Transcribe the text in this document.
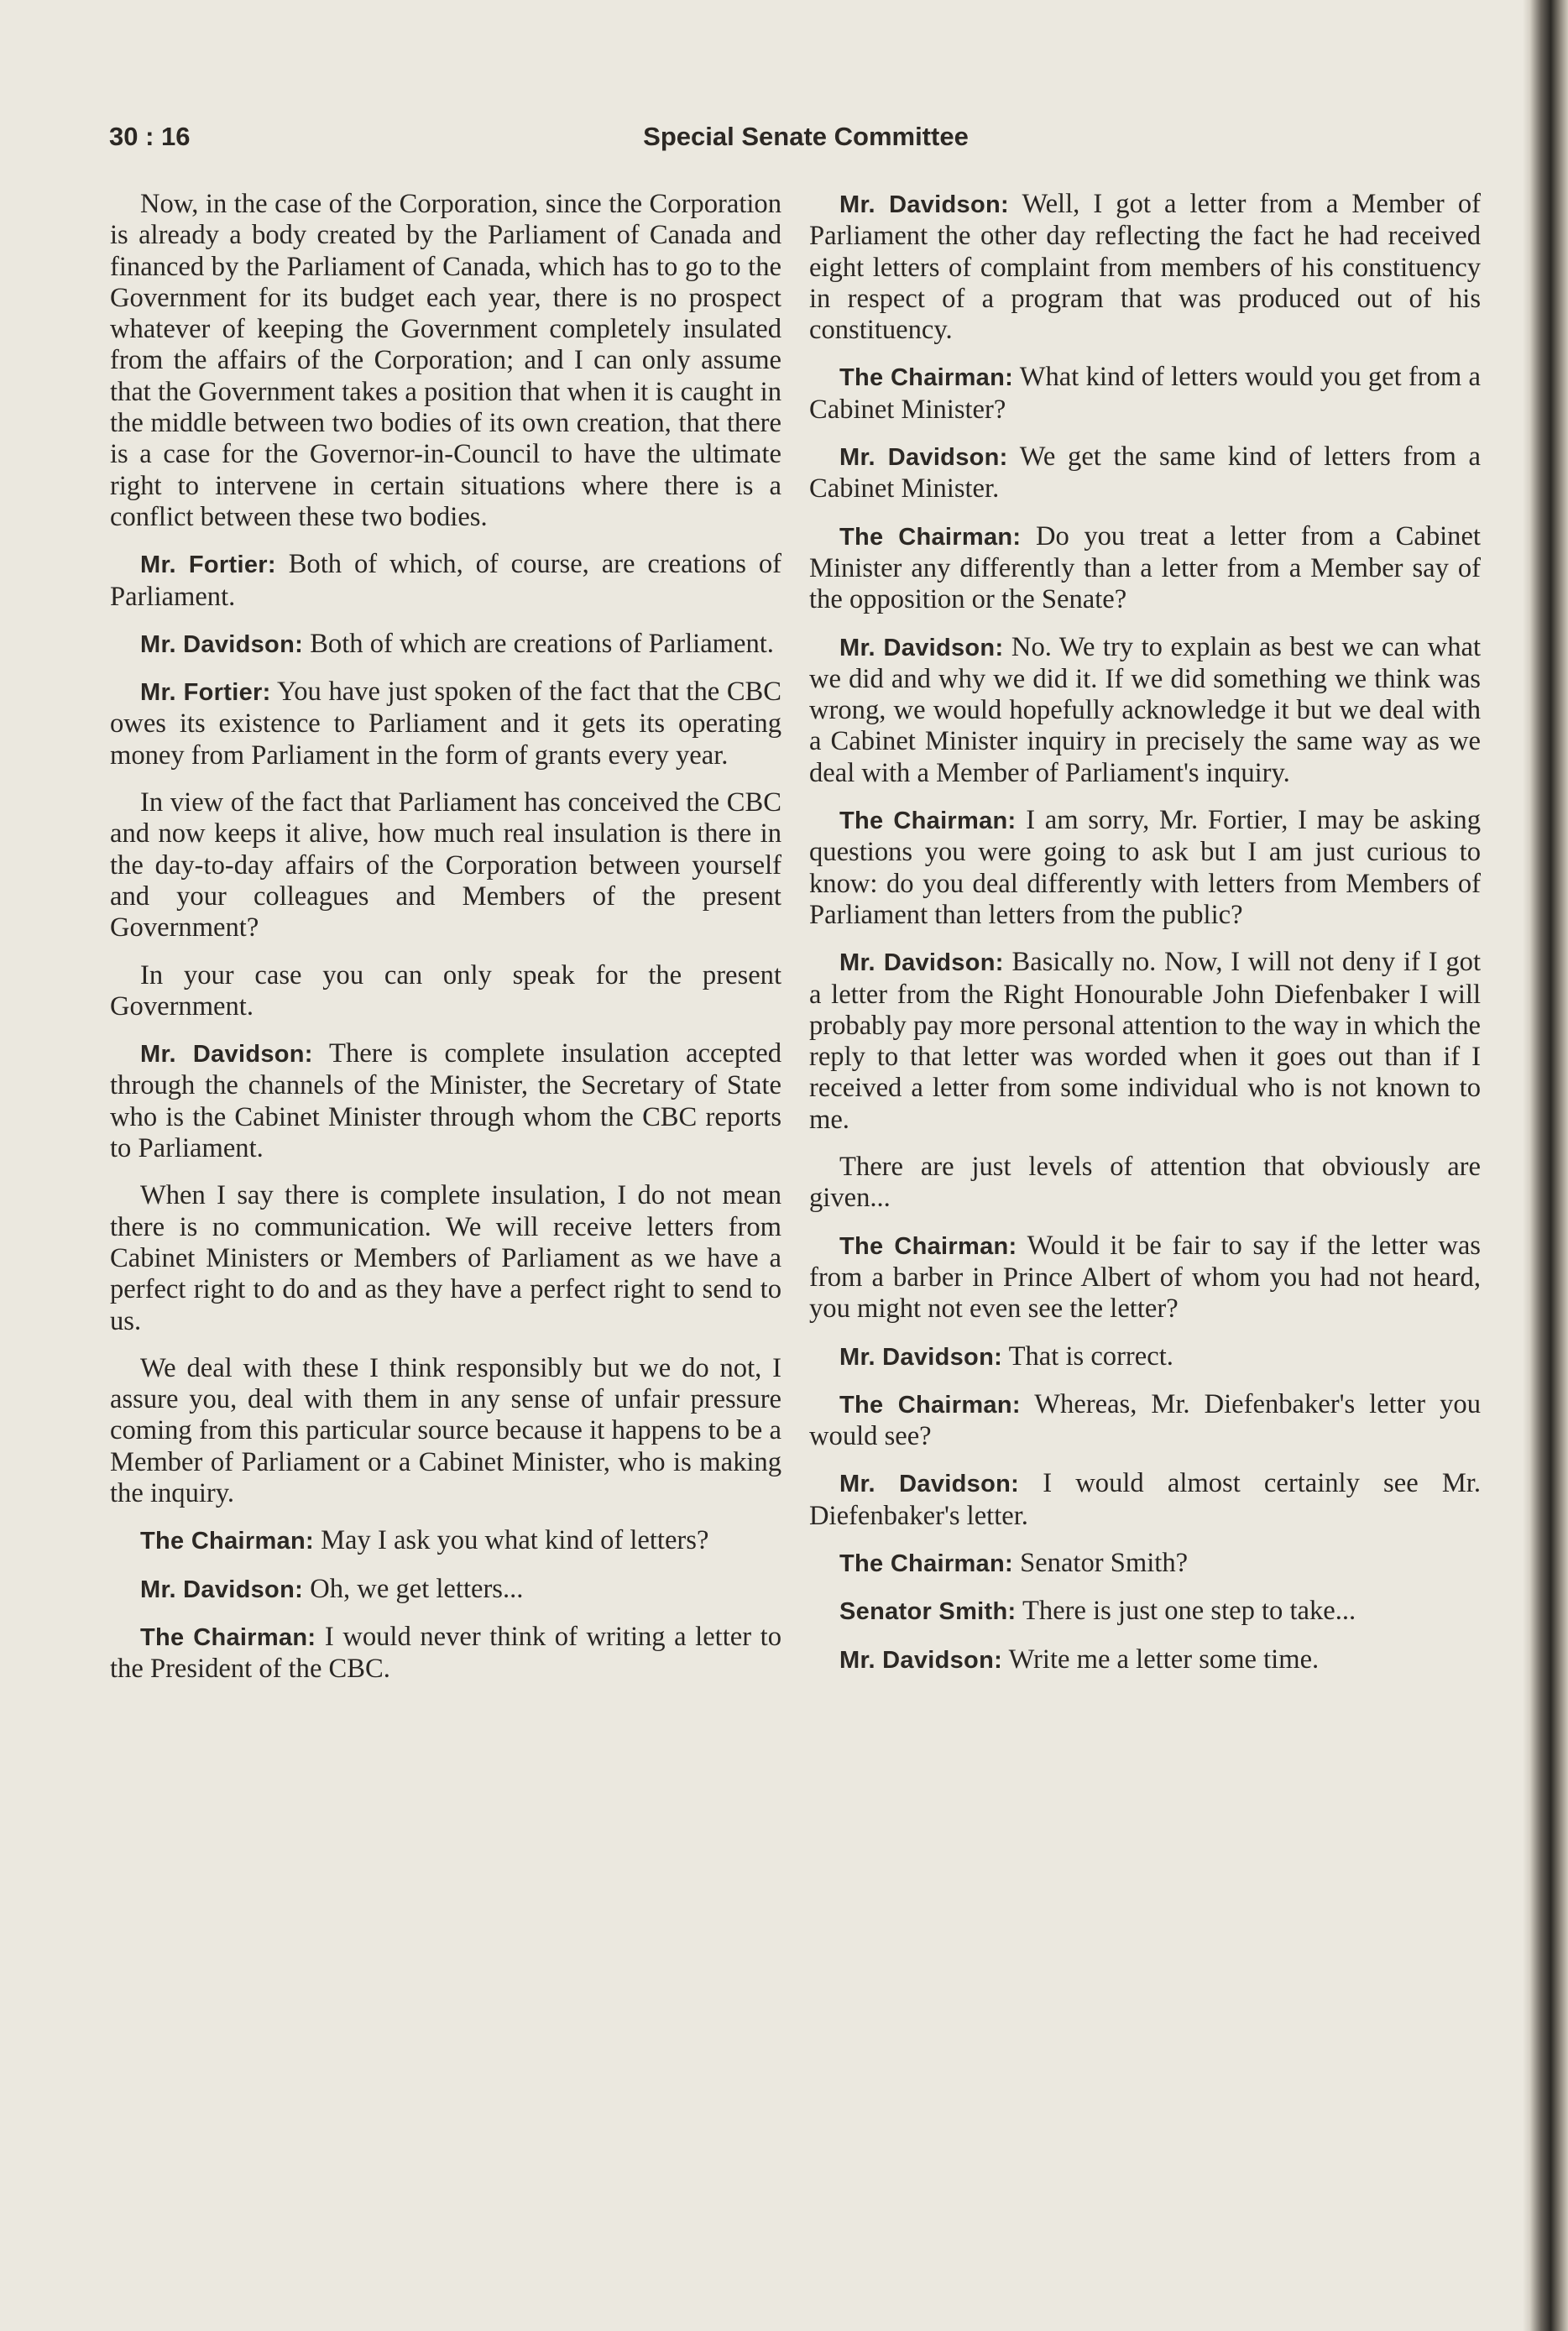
30 : 16	Special Senate Committee

Now, in the case of the Corporation, since the Corporation is already a body created by the Parliament of Canada and financed by the Parliament of Canada, which has to go to the Government for its budget each year, there is no prospect whatever of keeping the Government completely insulated from the affairs of the Corporation; and I can only assume that the Government takes a position that when it is caught in the middle between two bodies of its own creation, that there is a case for the Governor-in-Council to have the ultimate right to intervene in certain situations where there is a conflict between these two bodies.

Mr. Fortier: Both of which, of course, are creations of Parliament.

Mr. Davidson: Both of which are creations of Parliament.

Mr. Fortier: You have just spoken of the fact that the CBC owes its existence to Parliament and it gets its operating money from Parliament in the form of grants every year.

In view of the fact that Parliament has conceived the CBC and now keeps it alive, how much real insulation is there in the day-to-day affairs of the Corporation between yourself and your colleagues and Members of the present Government?

In your case you can only speak for the present Government.

Mr. Davidson: There is complete insulation accepted through the channels of the Minister, the Secretary of State who is the Cabinet Minister through whom the CBC reports to Parliament.

When I say there is complete insulation, I do not mean there is no communication. We will receive letters from Cabinet Ministers or Members of Parliament as we have a perfect right to do and as they have a perfect right to send to us.

We deal with these I think responsibly but we do not, I assure you, deal with them in any sense of unfair pressure coming from this particular source because it happens to be a Member of Parliament or a Cabinet Minister, who is making the inquiry.

The Chairman: May I ask you what kind of letters?

Mr. Davidson: Oh, we get letters...

The Chairman: I would never think of writing a letter to the President of the CBC.

Mr. Davidson: Well, I got a letter from a Member of Parliament the other day reflecting the fact he had received eight letters of complaint from members of his constituency in respect of a program that was produced out of his constituency.

The Chairman: What kind of letters would you get from a Cabinet Minister?

Mr. Davidson: We get the same kind of letters from a Cabinet Minister.

The Chairman: Do you treat a letter from a Cabinet Minister any differently than a letter from a Member say of the opposition or the Senate?

Mr. Davidson: No. We try to explain as best we can what we did and why we did it. If we did something we think was wrong, we would hopefully acknowledge it but we deal with a Cabinet Minister inquiry in precisely the same way as we deal with a Member of Parliament's inquiry.

The Chairman: I am sorry, Mr. Fortier, I may be asking questions you were going to ask but I am just curious to know: do you deal differently with letters from Members of Parliament than letters from the public?

Mr. Davidson: Basically no. Now, I will not deny if I got a letter from the Right Honourable John Diefenbaker I will probably pay more personal attention to the way in which the reply to that letter was worded when it goes out than if I received a letter from some individual who is not known to me.

There are just levels of attention that obviously are given...

The Chairman: Would it be fair to say if the letter was from a barber in Prince Albert of whom you had not heard, you might not even see the letter?

Mr. Davidson: That is correct.

The Chairman: Whereas, Mr. Diefenbaker's letter you would see?

Mr. Davidson: I would almost certainly see Mr. Diefenbaker's letter.

The Chairman: Senator Smith?

Senator Smith: There is just one step to take...

Mr. Davidson: Write me a letter some time.
